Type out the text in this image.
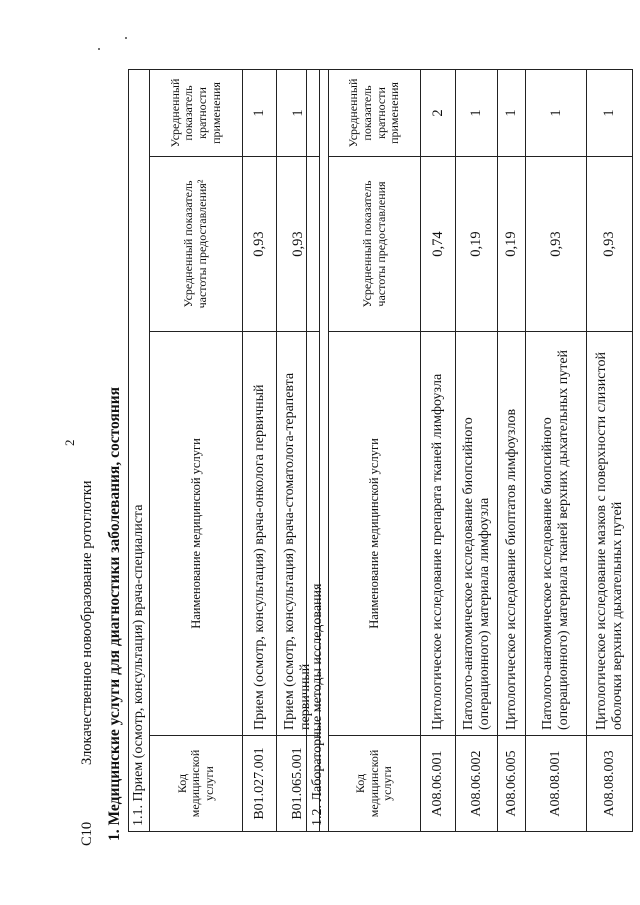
2
C10
Злокачественное новообразование ротоглотки 1. Медицинские услуги для диагностики заболевания, состояния 1.1. Прием (осмотр, консультация) врача-специалиста			
Код медицинской услуги	Наименование медицинской услуги	Усредненный показатель частоты предоставления²	Усредненный показатель кратности применения
B01.027.001	Прием (осмотр, консультация) врача-онколога первичный	0,93	1
B01.065.001	Прием (осмотр, консультация) врача-стоматолога-терапевта первичный	0,93	1
1.2. Лабораторные методы исследования			
Код медицинской услуги	Наименование медицинской услуги	Усредненный показатель частоты предоставления	Усредненный показатель кратности применения
A08.06.001	Цитологическое исследование препарата тканей лимфоузла	0,74	2
A08.06.002	Патолого-анатомическое исследование биопсийного (операционного) материала лимфоузла	0,19	1
A08.06.005	Цитологическое исследование биоптатов лимфоузлов	0,19	1
A08.08.001	Патолого-анатомическое исследование биопсийного (операционного) материала тканей верхних дыхательных путей	0,93	1
A08.08.003	Цитологическое исследование мазков с поверхности слизистой оболочки верхних дыхательных путей	0,93	1
